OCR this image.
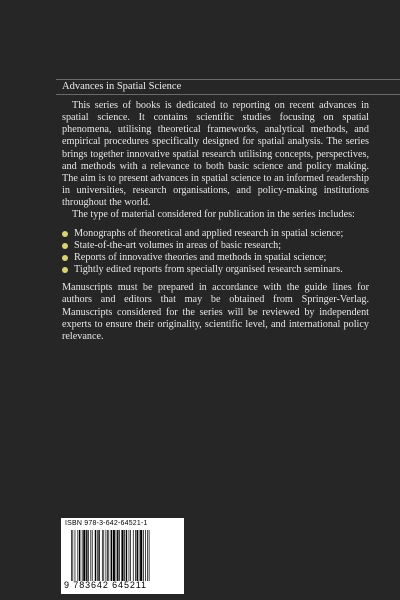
Advances in Spatial Science

This series of books is dedicated to reporting on recent advances in spatial science. It contains scientific studies focusing on spatial phenomena, utilising theoretical frameworks, analytical methods, and empirical procedures specifically designed for spatial analysis. The series brings together innovative spatial research utilising concepts, perspectives, and methods with a relevance to both basic science and policy making. The aim is to present advances in spatial science to an informed readership in universities, research organisations, and policy-making institutions throughout the world.

The type of material considered for publication in the series includes:

Monographs of theoretical and applied research in spatial science;
State-of-the-art volumes in areas of basic research;
Reports of innovative theories and methods in spatial science;
Tightly edited reports from specially organised research seminars.

Manuscripts must be prepared in accordance with the guide lines for authors and editors that may be obtained from Springer-Verlag. Manuscripts considered for the series will be reviewed by independent experts to ensure their originality, scientific level, and international policy relevance.

ISBN 978-3-642-64521-1
9 783642 645211
